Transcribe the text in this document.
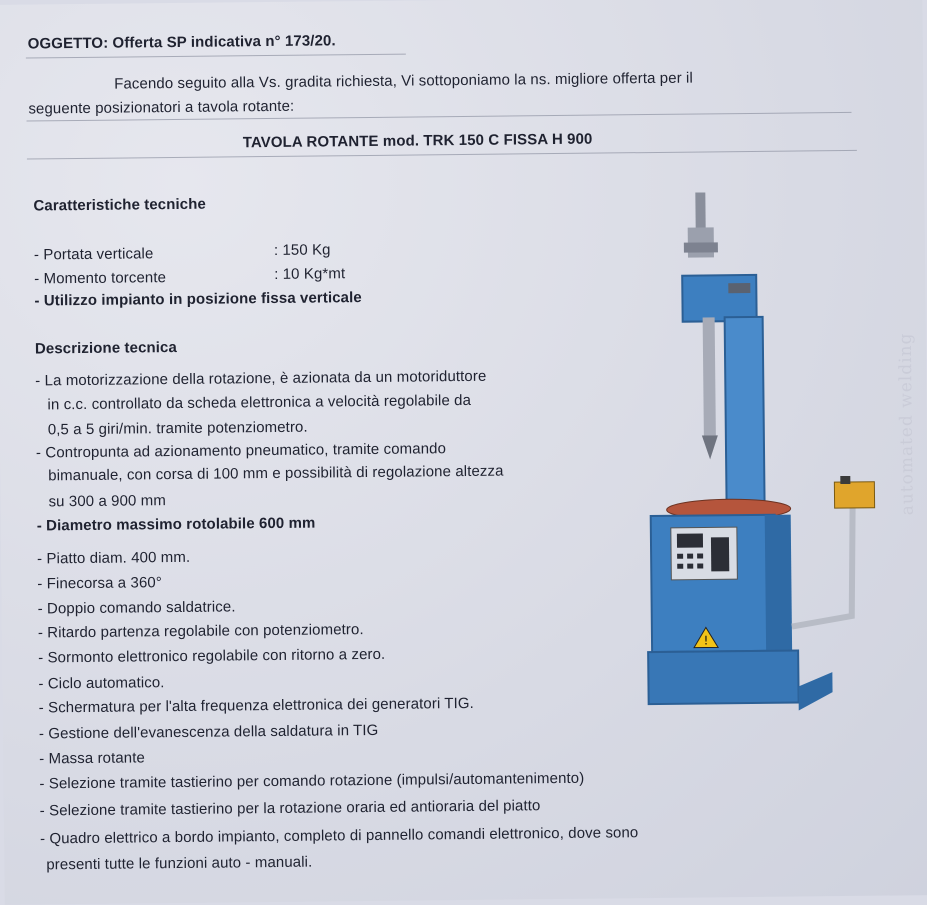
automated welding
OGGETTO: Offerta SP indicativa n° 173/20.
Facendo seguito alla Vs. gradita richiesta, Vi sottoponiamo la ns. migliore offerta per il
seguente posizionatori a tavola rotante:
TAVOLA ROTANTE mod. TRK 150 C FISSA H 900
Caratteristiche tecniche
- Portata verticale	: 150 Kg
- Momento torcente	: 10 Kg*mt
- Utilizzo impianto in posizione fissa verticale
Descrizione tecnica
- La motorizzazione della rotazione, è azionata da un motoriduttore
in c.c. controllato da scheda elettronica a velocità regolabile da
0,5 a 5 giri/min. tramite potenziometro.
- Contropunta ad azionamento pneumatico, tramite comando
bimanuale, con corsa di 100 mm e possibilità di regolazione altezza
su 300 a 900 mm
- Diametro massimo rotolabile 600 mm
- Piatto diam. 400 mm.
- Finecorsa a 360°
- Doppio comando saldatrice.
- Ritardo partenza regolabile con potenziometro.
- Sormonto elettronico regolabile con ritorno a zero.
- Ciclo automatico.
- Schermatura per l'alta frequenza elettronica dei generatori TIG.
- Gestione dell'evanescenza della saldatura in TIG
- Massa rotante
- Selezione tramite tastierino per comando rotazione (impulsi/automantenimento)
- Selezione tramite tastierino per la rotazione oraria ed antioraria del piatto
- Quadro elettrico a bordo impianto, completo di pannello comandi elettronico, dove sono
presenti tutte le funzioni auto - manuali.
!
